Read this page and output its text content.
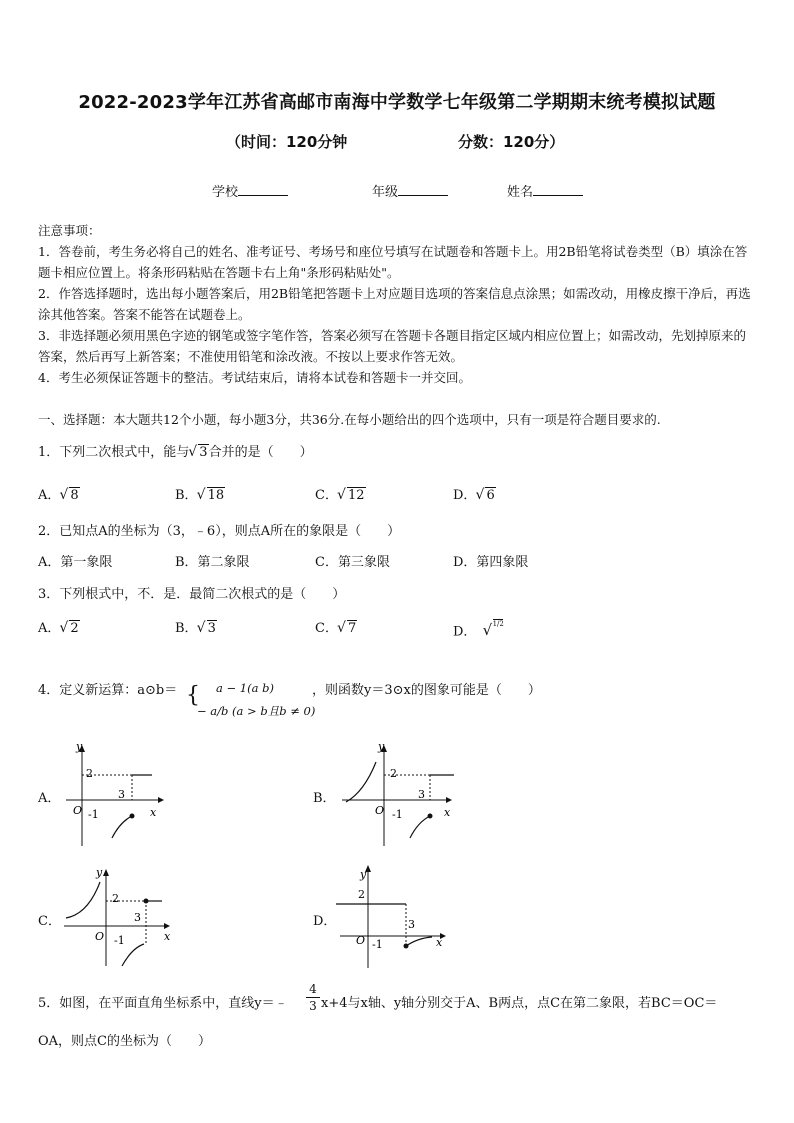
2022-2023学年江苏省高邮市南海中学数学七年级第二学期期末统考模拟试题
（时间：120分钟	分数：120分）
学校	年级	姓名
注意事项：
1．答卷前，考生务必将自己的姓名、准考证号、考场号和座位号填写在试题卷和答题卡上。用2B铅笔将试卷类型（B）填涂在答题卡相应位置上。将条形码粘贴在答题卡右上角"条形码粘贴处"。
2．作答选择题时，选出每小题答案后，用2B铅笔把答题卡上对应题目选项的答案信息点涂黑；如需改动，用橡皮擦干净后，再选涂其他答案。答案不能答在试题卷上。
3．非选择题必须用黑色字迹的钢笔或签字笔作答，答案必须写在答题卡各题目指定区域内相应位置上；如需改动，先划掉原来的答案，然后再写上新答案；不准使用铅笔和涂改液。不按以上要求作答无效。
4．考生必须保证答题卡的整洁。考试结束后，请将本试卷和答题卡一并交回。
一、选择题：本大题共12个小题，每小题3分，共36分.在每小题给出的四个选项中，只有一项是符合题目要求的.
1．下列二次根式中，能与 √ 3合并的是（　　）
A． √ 8	B． √ 18	C． √ 12	D． √ 6
2．已知点A的坐标为（3，﹣6），则点A所在的象限是（　　）
A．第一象限	B．第二象限	C．第三象限	D．第四象限
3．下列根式中，不．是．最简二次根式的是（　　）
A． √ 2	B． √ 3	C． √ 7	D． √ 1/2
4．定义新运算：a⊙b＝ { a − 1(a b)
− a/b (a > b且b ≠ 0)
，则函数y＝3⊙x的图象可能是（　　）
A．
y
x
O
2
-1
3	B．
y
x
O
2
-1
3
C．
y
x
O
2
-1
3	D．
y
x
O
2
-1
3
5．如图，在平面直角坐标系中，直线y＝﹣
4
3 x+4与x轴、y轴分别交于A、B两点，点C在第二象限，若BC＝OC＝
OA，则点C的坐标为（　　）
